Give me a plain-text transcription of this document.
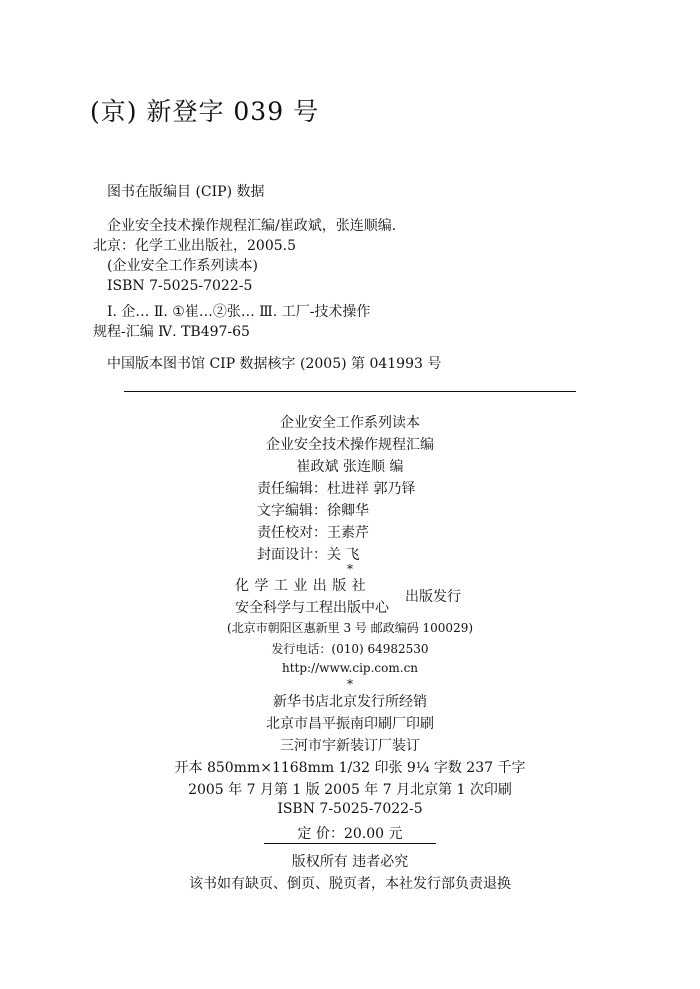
(京) 新登字 039 号
图书在版编目 (CIP) 数据
企业安全技术操作规程汇编/崔政斌，张连顺编.
北京：化学工业出版社，2005.5
(企业安全工作系列读本)
ISBN 7-5025-7022-5
Ⅰ. 企… Ⅱ. ①崔…②张… Ⅲ. 工厂-技术操作
规程-汇编 Ⅳ. TB497-65
中国版本图书馆 CIP 数据核字 (2005) 第 041993 号
企业安全工作系列读本
企业安全技术操作规程汇编
崔政斌 张连顺 编
责任编辑：杜进祥 郭乃铎
文字编辑：徐卿华
责任校对：王素芹
封面设计：关 飞
*
化 学 工 业 出 版 社
安全科学与工程出版中心
出版发行
(北京市朝阳区惠新里 3 号 邮政编码 100029)
发行电话：(010) 64982530
http://www.cip.com.cn
*
新华书店北京发行所经销
北京市昌平振南印刷厂印刷
三河市宇新装订厂装订
开本 850mm×1168mm 1/32 印张 9¼ 字数 237 千字
2005 年 7 月第 1 版 2005 年 7 月北京第 1 次印刷
ISBN 7-5025-7022-5
定 价：20.00 元
版权所有 违者必究
该书如有缺页、倒页、脱页者，本社发行部负责退换
